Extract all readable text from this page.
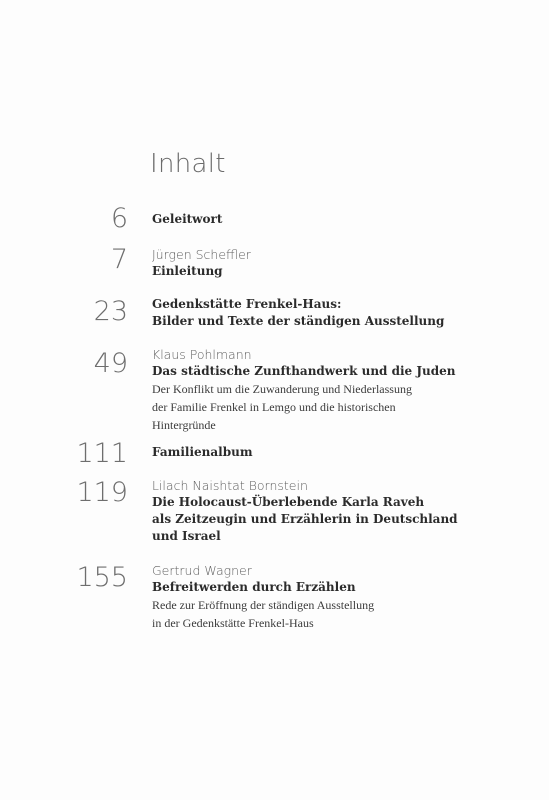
Inhalt
6 Geleitwort
7 Jürgen Scheffler
Einleitung
23 Gedenkstätte Frenkel-Haus:
Bilder und Texte der ständigen Ausstellung
49 Klaus Pohlmann
Das städtische Zunfthandwerk und die Juden
Der Konflikt um die Zuwanderung und Niederlassung
der Familie Frenkel in Lemgo und die historischen
Hintergründe
111 Familienalbum
119 Lilach Naishtat Bornstein
Die Holocaust-Überlebende Karla Raveh
als Zeitzeugin und Erzählerin in Deutschland
und Israel
155 Gertrud Wagner
Befreitwerden durch Erzählen
Rede zur Eröffnung der ständigen Ausstellung
in der Gedenkstätte Frenkel-Haus
